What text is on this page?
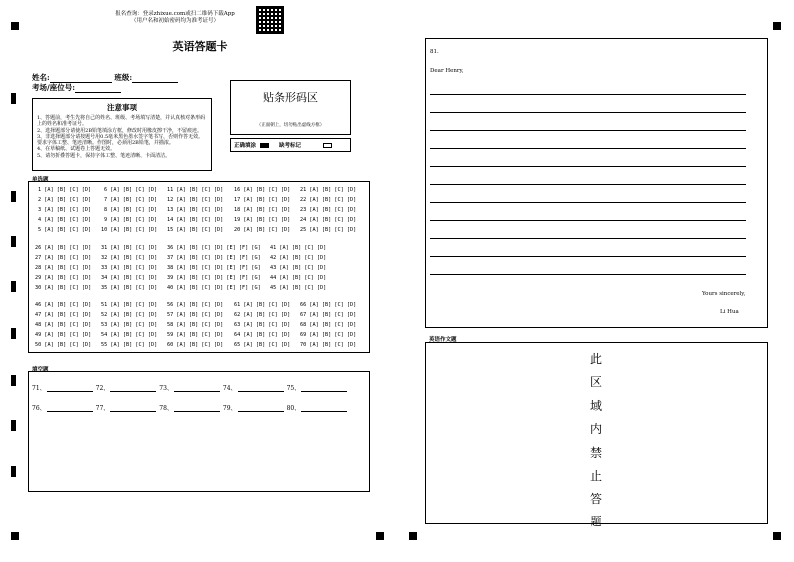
报名查询：登录zhixue.com或扫二维码下载App
（用户名和初始密码均为准考证号）
英语答题卡
姓名:	班级:
考场/座位号:
注意事项
1、答题前，考生先将自己的姓名、班级、考场填写清楚，并认真核对条形码上的姓名和准考证号。
2、选择题部分请使用2B铅笔填涂方框，修改时用橡皮擦干净，不留痕迹。
3、非选择题部分请按题号用0.5毫米黑色墨水签字笔书写，否则作答无效。要求字体工整、笔迹清晰。作图时，必须用2B铅笔，并描浓。
4、在草稿纸、试题卷上答题无效。
5、请勿折叠答题卡，保持字体工整、笔迹清晰、卡面清洁。
贴条形码区
（正面朝上，切勿贴出虚线方框）
正确填涂	缺考标记
单选题
1 [A] [B] [C] [D]
2 [A] [B] [C] [D]
3 [A] [B] [C] [D]
4 [A] [B] [C] [D]
5 [A] [B] [C] [D]
6 [A] [B] [C] [D]
7 [A] [B] [C] [D]
8 [A] [B] [C] [D]
9 [A] [B] [C] [D]
10 [A] [B] [C] [D]
11 [A] [B] [C] [D]
12 [A] [B] [C] [D]
13 [A] [B] [C] [D]
14 [A] [B] [C] [D]
15 [A] [B] [C] [D]
16 [A] [B] [C] [D]
17 [A] [B] [C] [D]
18 [A] [B] [C] [D]
19 [A] [B] [C] [D]
20 [A] [B] [C] [D]
21 [A] [B] [C] [D]
22 [A] [B] [C] [D]
23 [A] [B] [C] [D]
24 [A] [B] [C] [D]
25 [A] [B] [C] [D]
26 [A] [B] [C] [D]
27 [A] [B] [C] [D]
28 [A] [B] [C] [D]
29 [A] [B] [C] [D]
30 [A] [B] [C] [D]
31 [A] [B] [C] [D]
32 [A] [B] [C] [D]
33 [A] [B] [C] [D]
34 [A] [B] [C] [D]
35 [A] [B] [C] [D]
36 [A] [B] [C] [D] [E] [F] [G]
37 [A] [B] [C] [D] [E] [F] [G]
38 [A] [B] [C] [D] [E] [F] [G]
39 [A] [B] [C] [D] [E] [F] [G]
40 [A] [B] [C] [D] [E] [F] [G]
41 [A] [B] [C] [D]
42 [A] [B] [C] [D]
43 [A] [B] [C] [D]
44 [A] [B] [C] [D]
45 [A] [B] [C] [D]
46 [A] [B] [C] [D]
47 [A] [B] [C] [D]
48 [A] [B] [C] [D]
49 [A] [B] [C] [D]
50 [A] [B] [C] [D]
51 [A] [B] [C] [D]
52 [A] [B] [C] [D]
53 [A] [B] [C] [D]
54 [A] [B] [C] [D]
55 [A] [B] [C] [D]
56 [A] [B] [C] [D]
57 [A] [B] [C] [D]
58 [A] [B] [C] [D]
59 [A] [B] [C] [D]
60 [A] [B] [C] [D]
61 [A] [B] [C] [D]
62 [A] [B] [C] [D]
63 [A] [B] [C] [D]
64 [A] [B] [C] [D]
65 [A] [B] [C] [D]
66 [A] [B] [C] [D]
67 [A] [B] [C] [D]
68 [A] [B] [C] [D]
69 [A] [B] [C] [D]
70 [A] [B] [C] [D]
填空题
71、	72、	73、	74、	75、
76、	77、	78、	79、	80、
81.
Dear Henry,
Yours sincerely,
Li Hua
英语作文题
此
区
域
内
禁
止
答
题
